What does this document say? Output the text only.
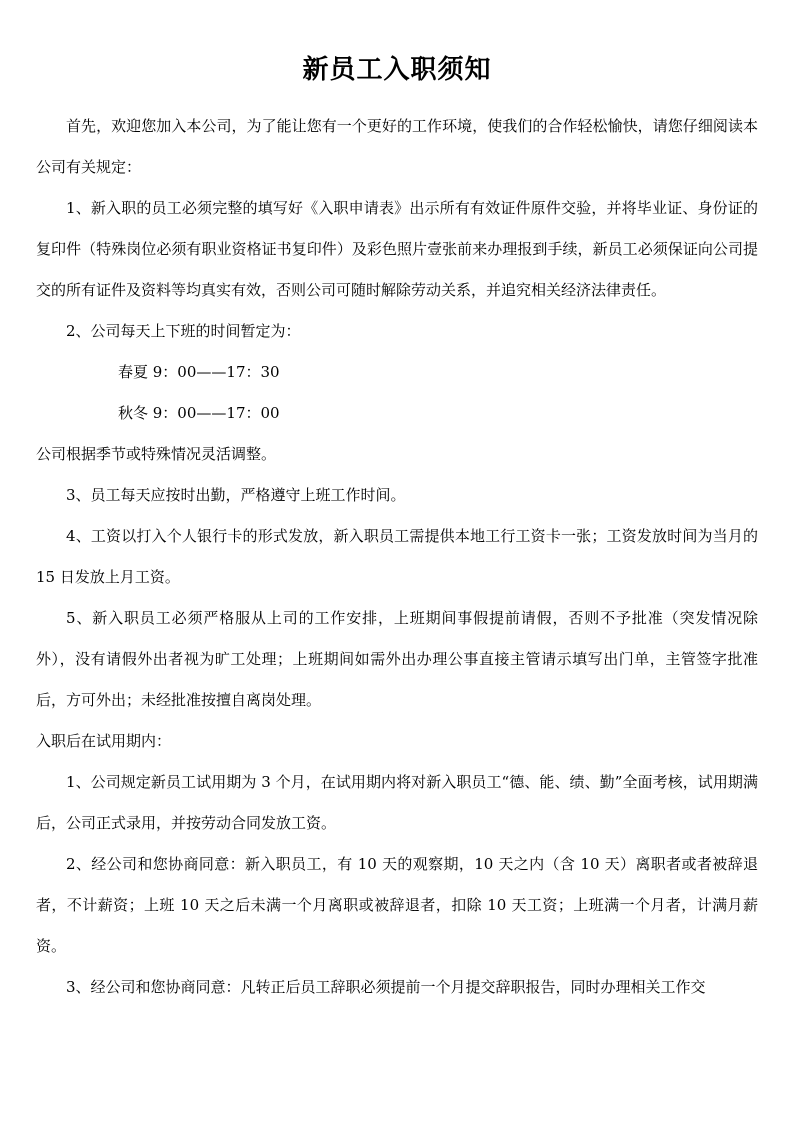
新员工入职须知

首先，欢迎您加入本公司，为了能让您有一个更好的工作环境，使我们的合作轻松愉快，请您仔细阅读本公司有关规定：

1、新入职的员工必须完整的填写好《入职申请表》出示所有有效证件原件交验，并将毕业证、身份证的复印件（特殊岗位必须有职业资格证书复印件）及彩色照片壹张前来办理报到手续，新员工必须保证向公司提交的所有证件及资料等均真实有效，否则公司可随时解除劳动关系，并追究相关经济法律责任。

2、公司每天上下班的时间暂定为：

春夏 9：00——17：30

秋冬 9：00——17：00

公司根据季节或特殊情况灵活调整。

3、员工每天应按时出勤，严格遵守上班工作时间。

4、工资以打入个人银行卡的形式发放，新入职员工需提供本地工行工资卡一张；工资发放时间为当月的 15 日发放上月工资。

5、新入职员工必须严格服从上司的工作安排，上班期间事假提前请假，否则不予批准（突发情况除外），没有请假外出者视为旷工处理；上班期间如需外出办理公事直接主管请示填写出门单，主管签字批准后，方可外出；未经批准按擅自离岗处理。

入职后在试用期内：

1、公司规定新员工试用期为 3 个月，在试用期内将对新入职员工“德、能、绩、勤”全面考核，试用期满后，公司正式录用，并按劳动合同发放工资。

2、经公司和您协商同意：新入职员工，有 10 天的观察期，10 天之内（含 10 天）离职者或者被辞退者，不计薪资；上班 10 天之后未满一个月离职或被辞退者，扣除 10 天工资；上班满一个月者，计满月薪资。

3、经公司和您协商同意：凡转正后员工辞职必须提前一个月提交辞职报告，同时办理相关工作交
